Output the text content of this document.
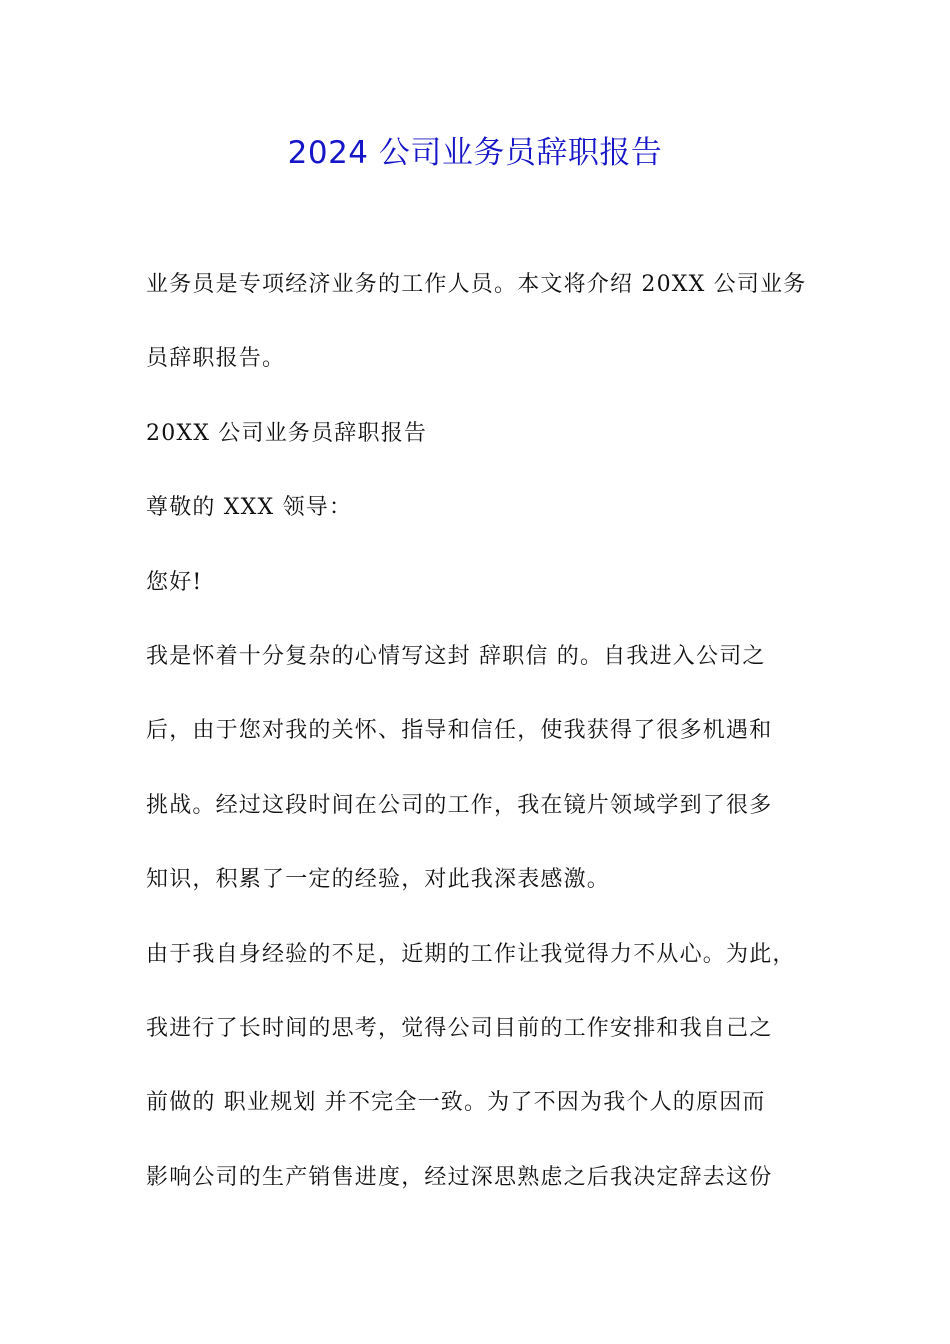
2024 公司业务员辞职报告
业务员是专项经济业务的工作人员。本文将介绍 20XX 公司业务
员辞职报告。
20XX 公司业务员辞职报告
尊敬的 XXX 领导：
您好!
我是怀着十分复杂的心情写这封 辞职信 的。自我进入公司之
后，由于您对我的关怀、指导和信任，使我获得了很多机遇和
挑战。经过这段时间在公司的工作，我在镜片领域学到了很多
知识，积累了一定的经验，对此我深表感激。
由于我自身经验的不足，近期的工作让我觉得力不从心。为此，
我进行了长时间的思考，觉得公司目前的工作安排和我自己之
前做的 职业规划 并不完全一致。为了不因为我个人的原因而
影响公司的生产销售进度，经过深思熟虑之后我决定辞去这份
